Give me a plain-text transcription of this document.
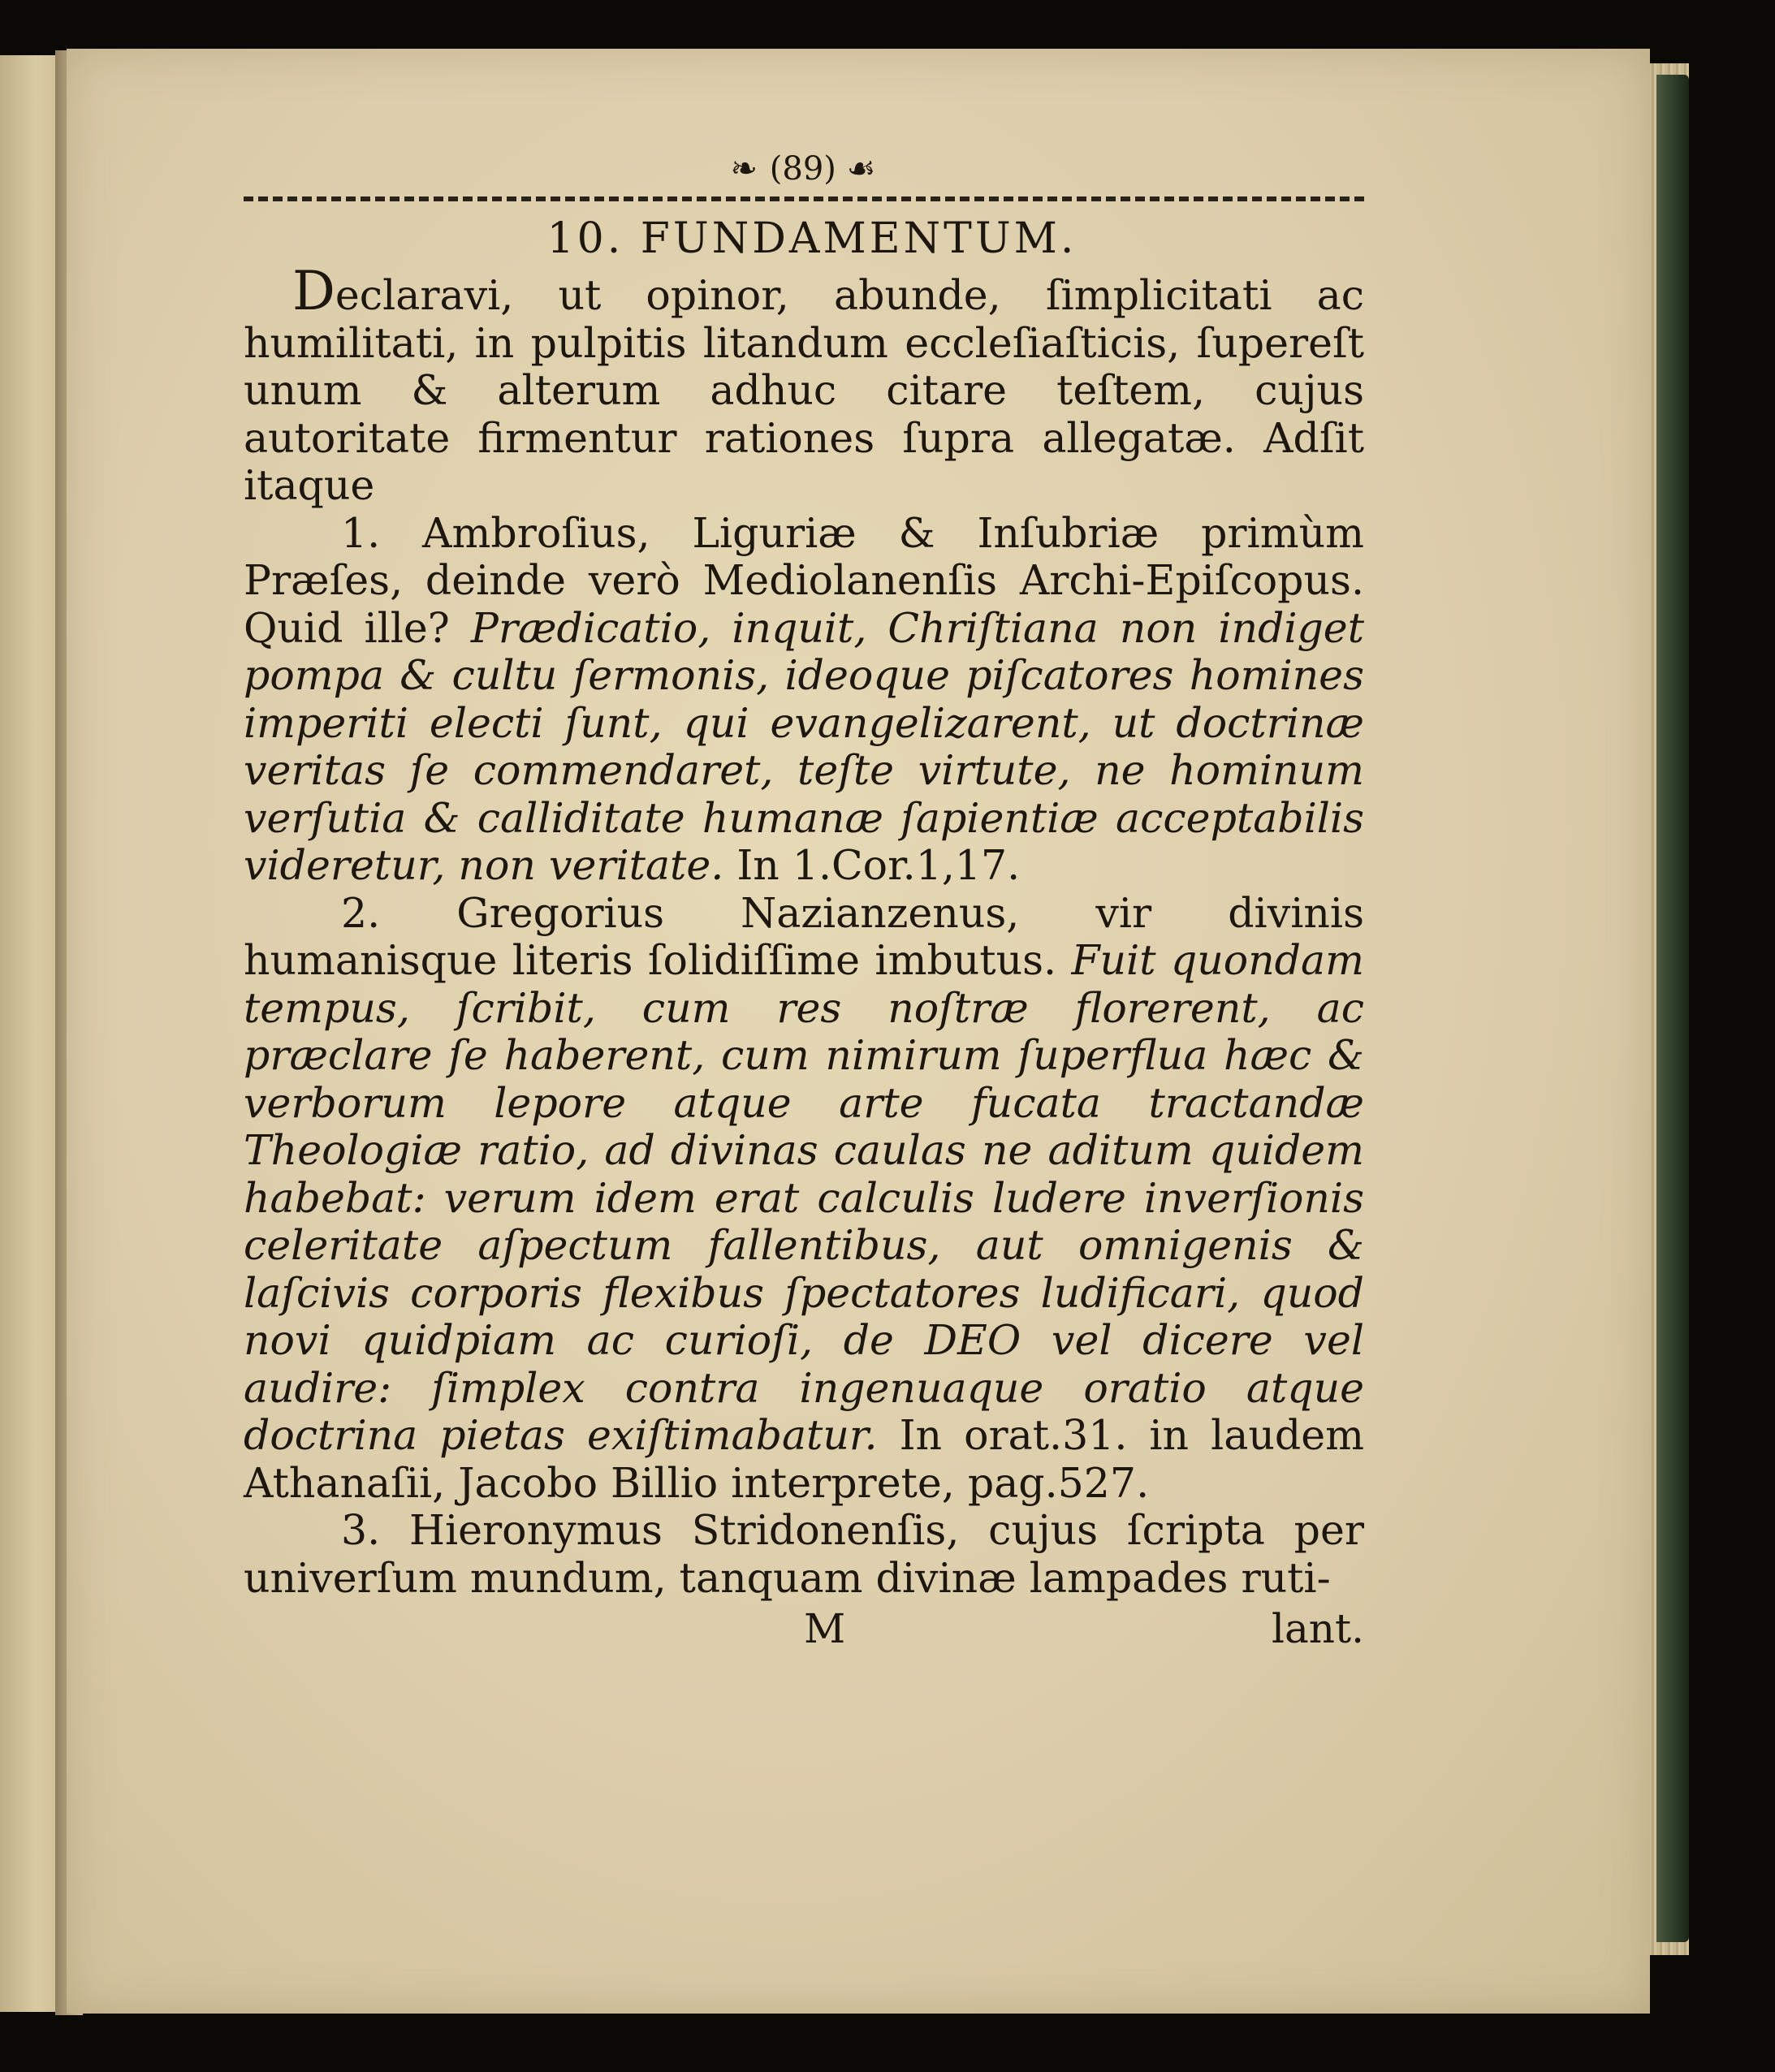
❧ (89) ☙
10. FUNDAMENTUM.

Declaravi, ut opinor, abunde, ſimplicitati ac humilitati, in pulpitis litandum eccleſiaſticis, ſupereſt unum & alterum adhuc citare teſtem, cujus autoritate firmentur rationes ſupra allegatæ. Adſit itaque

1. Ambroſius, Liguriæ & Inſubriæ primùm Præſes, deinde verò Mediolanenſis Archi-Epiſcopus. Quid ille? Prædicatio, inquit, Chriſtiana non indiget pompa & cultu ſermonis, ideoque piſcatores homines imperiti electi ſunt, qui evangelizarent, ut doctrinæ veritas ſe commendaret, teſte virtute, ne hominum verſutia & calliditate humanæ ſapientiæ acceptabilis videretur, non veritate. In 1.Cor.1,17.

2. Gregorius Nazianzenus, vir divinis humanisque literis ſolidiſſime imbutus. Fuit quondam tempus, ſcribit, cum res noſtræ florerent, ac præclare ſe haberent, cum nimirum ſuperflua hæc & verborum lepore atque arte fucata tractandæ Theologiæ ratio, ad divinas caulas ne aditum quidem habebat: verum idem erat calculis ludere inverſionis celeritate aſpectum fallentibus, aut omnigenis & laſcivis corporis flexibus ſpectatores ludificari, quod novi quidpiam ac curioſi, de DEO vel dicere vel audire: ſimplex contra ingenuaque oratio atque doctrina pietas exiſtimabatur. In orat.31. in laudem Athanaſii, Jacobo Billio interprete, pag.527.

3. Hieronymus Stridonenſis, cujus ſcripta per univerſum mundum, tanquam divinæ lampades ruti-

M	lant.
